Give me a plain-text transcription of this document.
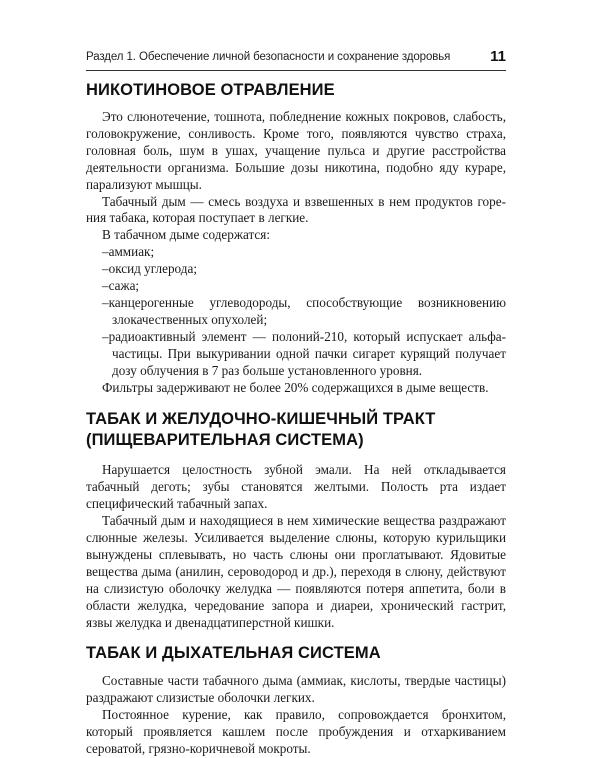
Раздел 1. Обеспечение личной безопасности и сохранение здоровья	11
НИКОТИНОВОЕ ОТРАВЛЕНИЕ

Это слюнотечение, тошнота, побледнение кожных покровов, слабость, головокружение, сонливость. Кроме того, появляются чувство страха, головная боль, шум в ушах, учащение пульса и другие расстройства деятельности организма. Большие дозы никотина, подобно яду кураре, парализуют мышцы.

Табачный дым — смесь воздуха и взвешенных в нем продуктов горения табака, которая поступает в легкие.

В табачном дыме содержатся:

–аммиак;
–оксид углерода;
–сажа;
–канцерогенные углеводороды, способствующие возникновению злокачественных опухолей;
–радиоактивный элемент — полоний-210, который испускает альфа-частицы. При выкуривании одной пачки сигарет курящий получает дозу облучения в 7 раз больше установленного уровня.

Фильтры задерживают не более 20% содержащихся в дыме веществ.

ТАБАК И ЖЕЛУДОЧНО-КИШЕЧНЫЙ ТРАКТ (ПИЩЕВАРИТЕЛЬНАЯ СИСТЕМА)

Нарушается целостность зубной эмали. На ней откладывается табачный деготь; зубы становятся желтыми. Полость рта издает специфический табачный запах.

Табачный дым и находящиеся в нем химические вещества раздражают слюнные железы. Усиливается выделение слюны, которую курильщики вынуждены сплевывать, но часть слюны они проглатывают. Ядовитые вещества дыма (анилин, сероводород и др.), переходя в слюну, действуют на слизистую оболочку желудка — появляются потеря аппетита, боли в области желудка, чередование запора и диареи, хронический гастрит, язвы желудка и двенадцатиперстной кишки.

ТАБАК И ДЫХАТЕЛЬНАЯ СИСТЕМА

Составные части табачного дыма (аммиак, кислоты, твердые частицы) раздражают слизистые оболочки легких.

Постоянное курение, как правило, сопровождается бронхитом, который проявляется кашлем после пробуждения и отхаркиванием сероватой, грязно-коричневой мокроты.
